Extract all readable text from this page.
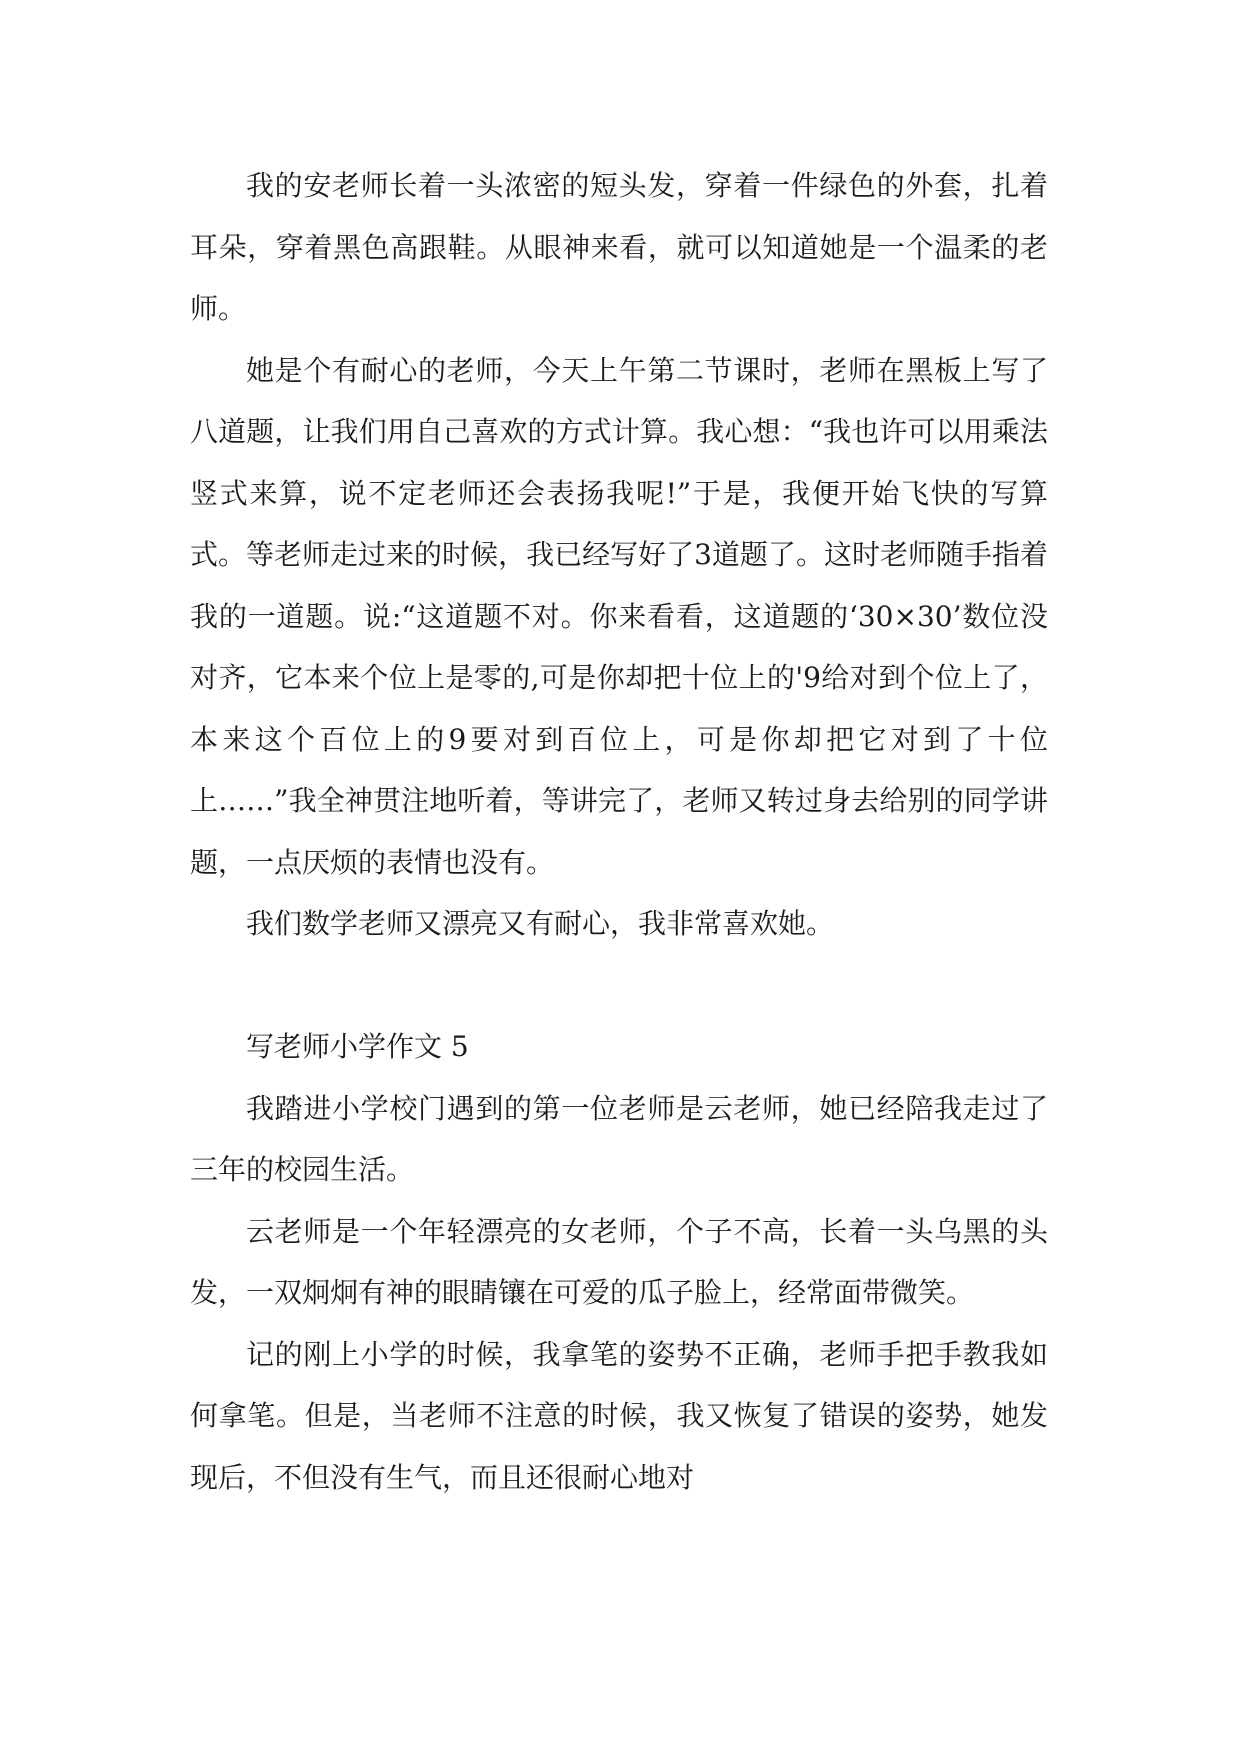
我的安老师长着一头浓密的短头发，穿着一件绿色的外套，扎着耳朵，穿着黑色高跟鞋。从眼神来看，就可以知道她是一个温柔的老师。

她是个有耐心的老师，今天上午第二节课时，老师在黑板上写了八道题，让我们用自己喜欢的方式计算。我心想：“我也许可以用乘法竖式来算，说不定老师还会表扬我呢!”于是，我便开始飞快的写算式。等老师走过来的时候，我已经写好了3道题了。这时老师随手指着我的一道题。说:“这道题不对。你来看看，这道题的‘30×30’数位没对齐，它本来个位上是零的,可是你却把十位上的'9给对到个位上了，本来这个百位上的9要对到百位上，可是你却把它对到了十位上……”我全神贯注地听着，等讲完了，老师又转过身去给别的同学讲题，一点厌烦的表情也没有。

我们数学老师又漂亮又有耐心，我非常喜欢她。

写老师小学作文 5

我踏进小学校门遇到的第一位老师是云老师，她已经陪我走过了三年的校园生活。

云老师是一个年轻漂亮的女老师，个子不高，长着一头乌黑的头发，一双炯炯有神的眼睛镶在可爱的瓜子脸上，经常面带微笑。

记的刚上小学的时候，我拿笔的姿势不正确，老师手把手教我如何拿笔。但是，当老师不注意的时候，我又恢复了错误的姿势，她发现后，不但没有生气，而且还很耐心地对
